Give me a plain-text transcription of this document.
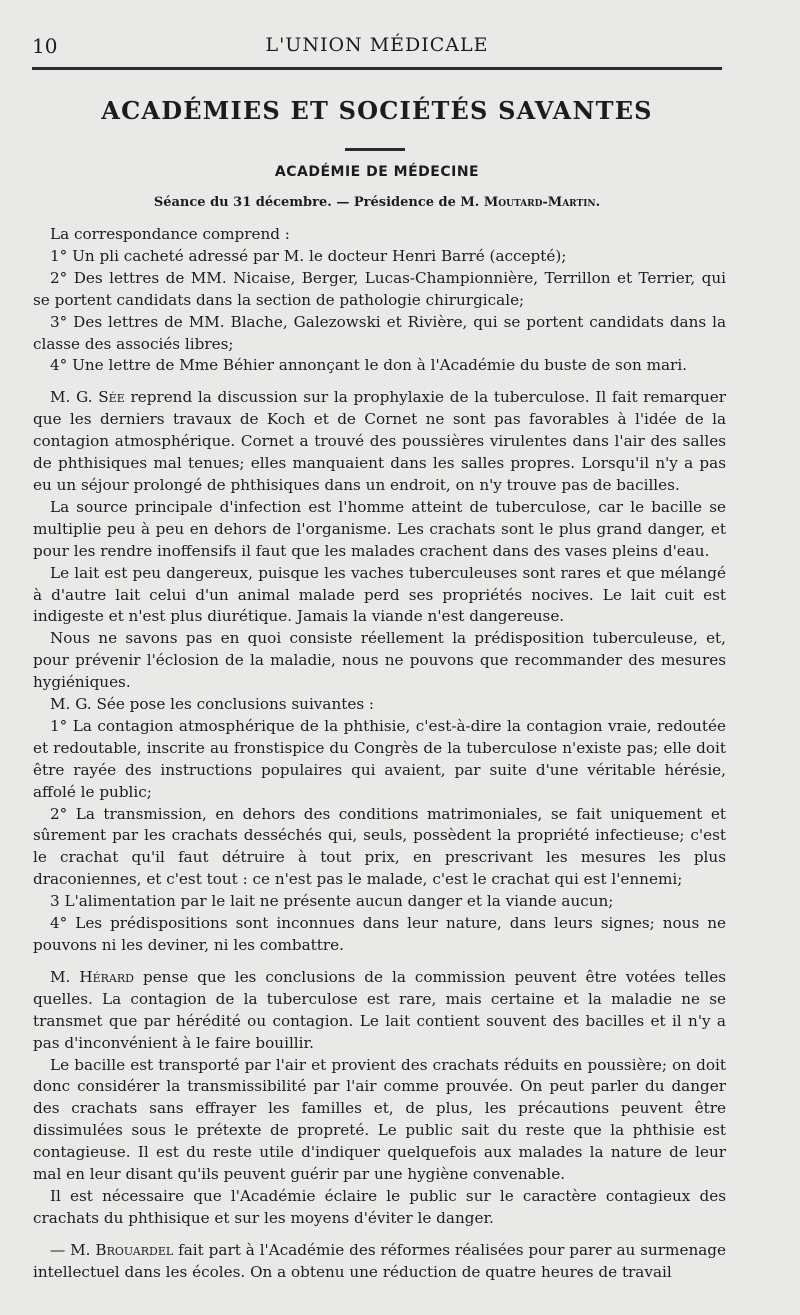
10	L'UNION MÉDICALE
ACADÉMIES ET SOCIÉTÉS SAVANTES
ACADÉMIE DE MÉDECINE
Séance du 31 décembre. — Présidence de M. Moutard-Martin.

La correspondance comprend :

1° Un pli cacheté adressé par M. le docteur Henri Barré (accepté);

2° Des lettres de MM. Nicaise, Berger, Lucas-Championnière, Terrillon et Terrier, qui se portent candidats dans la section de pathologie chirurgicale;

3° Des lettres de MM. Blache, Galezowski et Rivière, qui se portent candidats dans la classe des associés libres;

4° Une lettre de Mme Béhier annonçant le don à l'Académie du buste de son mari.

M. G. Sée reprend la discussion sur la prophylaxie de la tuberculose. Il fait remarquer que les derniers travaux de Koch et de Cornet ne sont pas favorables à l'idée de la contagion atmosphérique. Cornet a trouvé des poussières virulentes dans l'air des salles de phthisiques mal tenues; elles manquaient dans les salles propres. Lorsqu'il n'y a pas eu un séjour prolongé de phthisiques dans un endroit, on n'y trouve pas de bacilles.

La source principale d'infection est l'homme atteint de tuberculose, car le bacille se multiplie peu à peu en dehors de l'organisme. Les crachats sont le plus grand danger, et pour les rendre inoffensifs il faut que les malades crachent dans des vases pleins d'eau.

Le lait est peu dangereux, puisque les vaches tuberculeuses sont rares et que mélangé à d'autre lait celui d'un animal malade perd ses propriétés nocives. Le lait cuit est indigeste et n'est plus diurétique. Jamais la viande n'est dangereuse.

Nous ne savons pas en quoi consiste réellement la prédisposition tuberculeuse, et, pour prévenir l'éclosion de la maladie, nous ne pouvons que recommander des mesures hygiéniques.

M. G. Sée pose les conclusions suivantes :

1° La contagion atmosphérique de la phthisie, c'est-à-dire la contagion vraie, redoutée et redoutable, inscrite au fronstispice du Congrès de la tuberculose n'existe pas; elle doit être rayée des instructions populaires qui avaient, par suite d'une véritable hérésie, affolé le public;

2° La transmission, en dehors des conditions matrimoniales, se fait uniquement et sûrement par les crachats desséchés qui, seuls, possèdent la propriété infectieuse; c'est le crachat qu'il faut détruire à tout prix, en prescrivant les mesures les plus draconiennes, et c'est tout : ce n'est pas le malade, c'est le crachat qui est l'ennemi;

3 L'alimentation par le lait ne présente aucun danger et la viande aucun;

4° Les prédispositions sont inconnues dans leur nature, dans leurs signes; nous ne pouvons ni les deviner, ni les combattre.

M. Hérard pense que les conclusions de la commission peuvent être votées telles quelles. La contagion de la tuberculose est rare, mais certaine et la maladie ne se transmet que par hérédité ou contagion. Le lait contient souvent des bacilles et il n'y a pas d'inconvénient à le faire bouillir.

Le bacille est transporté par l'air et provient des crachats réduits en poussière; on doit donc considérer la transmissibilité par l'air comme prouvée. On peut parler du danger des crachats sans effrayer les familles et, de plus, les précautions peuvent être dissimulées sous le prétexte de propreté. Le public sait du reste que la phthisie est contagieuse. Il est du reste utile d'indiquer quelquefois aux malades la nature de leur mal en leur disant qu'ils peuvent guérir par une hygiène convenable.

Il est nécessaire que l'Académie éclaire le public sur le caractère contagieux des crachats du phthisique et sur les moyens d'éviter le danger.

— M. Brouardel fait part à l'Académie des réformes réalisées pour parer au surmenage intellectuel dans les écoles. On a obtenu une réduction de quatre heures de travail
